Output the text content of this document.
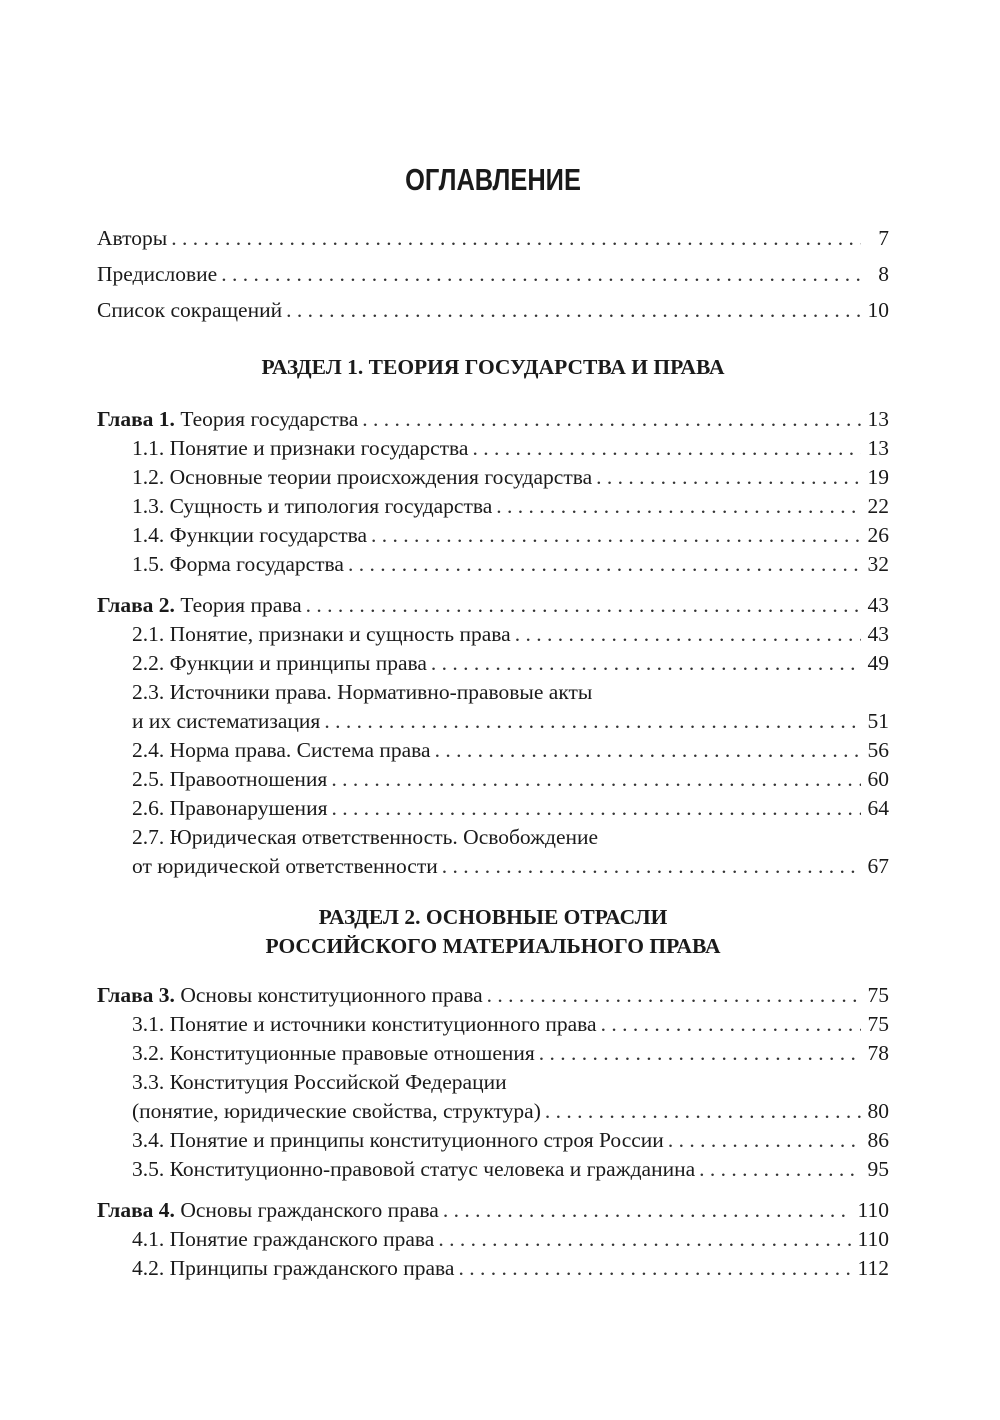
ОГЛАВЛЕНИЕ
Авторы . . .	7
Предисловие . . .	8
Список сокращений . . .	10
РАЗДЕЛ 1. ТЕОРИЯ ГОСУДАРСТВА И ПРАВА
Глава 1. Теория государства . . .	13
1.1. Понятие и признаки государства . . .	13
1.2. Основные теории происхождения государства . . .	19
1.3. Сущность и типология государства . . .	22
1.4. Функции государства . . .	26
1.5. Форма государства . . .	32
Глава 2. Теория права . . .	43
2.1. Понятие, признаки и сущность права . . .	43
2.2. Функции и принципы права . . .	49
2.3. Источники права. Нормативно-правовые акты
и их систематизация . . .	51
2.4. Норма права. Система права . . .	56
2.5. Правоотношения . . .	60
2.6. Правонарушения . . .	64
2.7. Юридическая ответственность. Освобождение
от юридической ответственности . . .	67
РАЗДЕЛ 2. ОСНОВНЫЕ ОТРАСЛИ
РОССИЙСКОГО МАТЕРИАЛЬНОГО ПРАВА
Глава 3. Основы конституционного права . . .	75
3.1. Понятие и источники конституционного права . . .	75
3.2. Конституционные правовые отношения . . .	78
3.3. Конституция Российской Федерации
(понятие, юридические свойства, структура) . . .	80
3.4. Понятие и принципы конституционного строя России . . .	86
3.5. Конституционно-правовой статус человека и гражданина . . .	95
Глава 4. Основы гражданского права . . .	110
4.1. Понятие гражданского права . . .	110
4.2. Принципы гражданского права . . .	112
